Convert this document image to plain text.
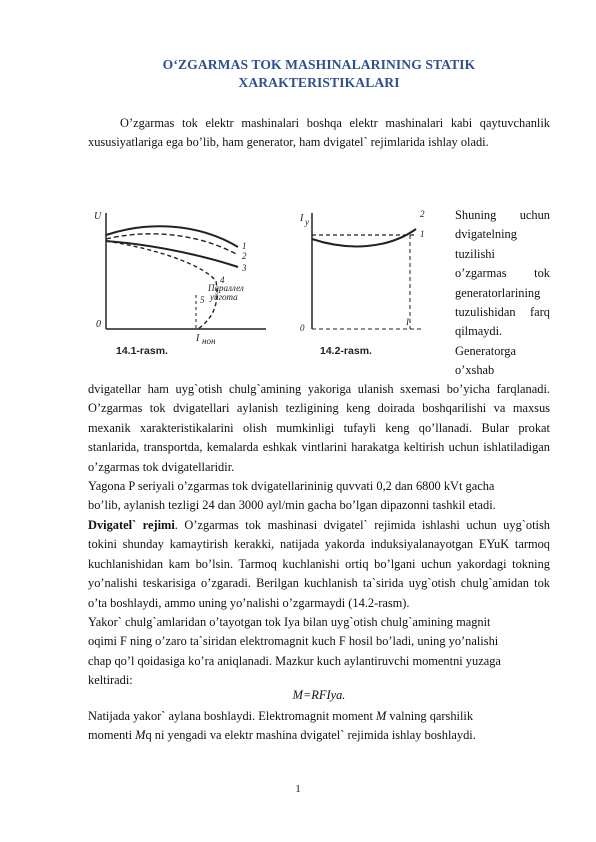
O‘ZGARMAS TOK MASHINALARINING STATIK
XARAKTERISTIKALARI
O’zgarmas tok elektr mashinalari boshqa elektr mashinalari kabi qaytuvchanlik xususiyatlariga ega bo’lib, ham generator, ham dvigatel` rejimlarida ishlay oladi.
U
0
I нон
1
2
3
4
5
Параллел
уйгота
14.1-rasm.
I y
2
1
0
I
14.2-rasm.

Shuning uchun

dvigatelning

tuzilishi

o’zgarmas tok

generatorlarining

tuzulishidan farq

qilmaydi.

Generatorga

o’xshab

dvigatellar ham uyg`otish chulg`amining yakoriga ulanish sxemasi bo’yicha farqlanadi. O’zgarmas tok dvigatellari aylanish tezligining keng doirada boshqarilishi va maxsus mexanik xarakteristikalarini olish mumkinligi tufayli keng qo’llanadi. Bular prokat stanlarida, transportda, kemalarda eshkak vintlarini harakatga keltirish uchun ishlatiladigan o’zgarmas tok dvigatellaridir.
Yagona P seriyali o’zgarmas tok dvigatellarininig quvvati 0,2 dan 6800 kVt gacha
bo’lib, aylanish tezligi 24 dan 3000 ayl/min gacha bo’lgan dipazonni tashkil etadi.
Dvigatel` rejimi. O’zgarmas tok mashinasi dvigatel` rejimida ishlashi uchun uyg`otish tokini shunday kamaytirish kerakki, natijada yakorda induksiyalanayotgan EYuK tarmoq kuchlanishidan kam bo’lsin. Tarmoq kuchlanishi ortiq bo’lgani uchun yakordagi tokning yo’nalishi teskarisiga o’zgaradi. Berilgan kuchlanish ta`sirida uyg`otish chulg`amidan tok o’ta boshlaydi, ammo uning yo’nalishi o’zgarmaydi (14.2-rasm).
Yakor` chulg`amlaridan o’tayotgan tok Iya bilan uyg`otish chulg`amining magnit
oqimi F ning o’zaro ta`siridan elektromagnit kuch F hosil bo’ladi, uning yo’nalishi
chap qo’l qoidasiga ko’ra aniqlanadi. Mazkur kuch aylantiruvchi momentni yuzaga
keltiradi:
M=RFIya.
Natijada yakor` aylana boshlaydi. Elektromagnit moment M valning qarshilik
momenti Mq ni yengadi va elektr mashina dvigatel` rejimida ishlay boshlaydi.
1
